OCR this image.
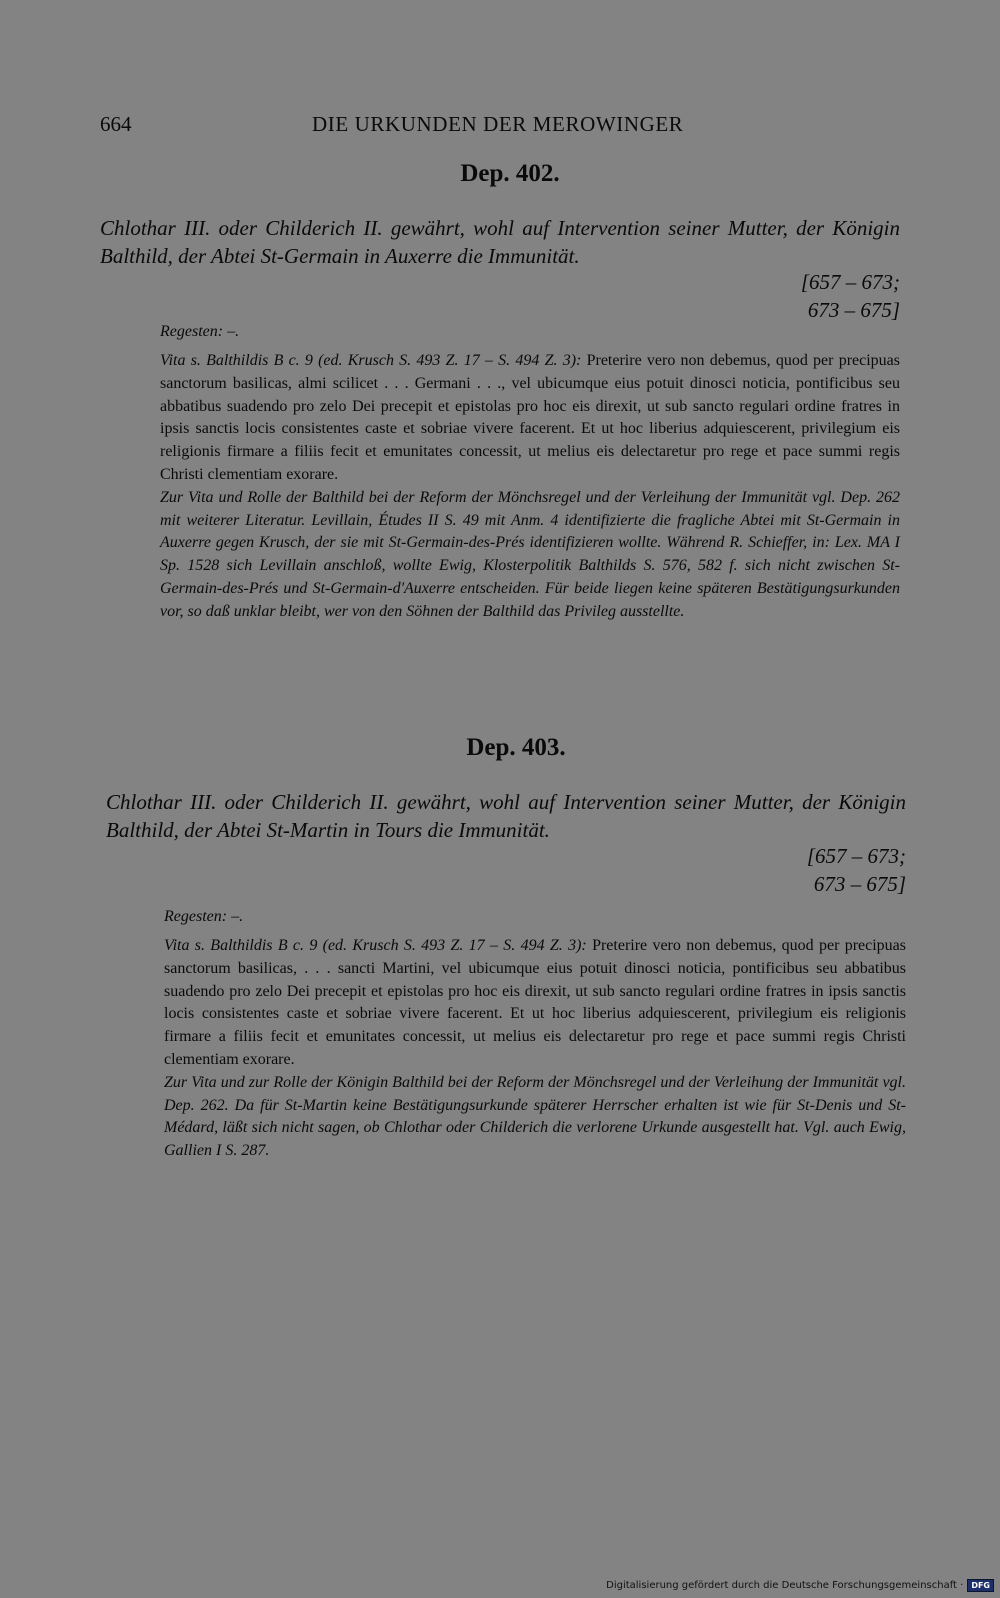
664	DIE URKUNDEN DER MEROWINGER
Dep. 402.
Chlothar III. oder Childerich II. gewährt, wohl auf Intervention seiner Mutter, der Königin Balthild, der Abtei St-Germain in Auxerre die Immunität.
[657 – 673;
673 – 675]
Regesten: –.
Vita s. Balthildis B c. 9 (ed. Krusch S. 493 Z. 17 – S. 494 Z. 3): Preterire vero non debemus, quod per precipuas sanctorum basilicas, almi scilicet . . . Germani . . ., vel ubicumque eius potuit dinosci noticia, pontificibus seu abbatibus suadendo pro zelo Dei precepit et epistolas pro hoc eis direxit, ut sub sancto regulari ordine fratres in ipsis sanctis locis consistentes caste et sobriae vivere facerent. Et ut hoc liberius adquiescerent, privilegium eis religionis firmare a filiis fecit et emunitates concessit, ut melius eis delectaretur pro rege et pace summi regis Christi clementiam exorare.
Zur Vita und Rolle der Balthild bei der Reform der Mönchsregel und der Verleihung der Immunität vgl. Dep. 262 mit weiterer Literatur. Levillain, Études II S. 49 mit Anm. 4 identifizierte die fragliche Abtei mit St-Germain in Auxerre gegen Krusch, der sie mit St-Germain-des-Prés identifizieren wollte. Während R. Schieffer, in: Lex. MA I Sp. 1528 sich Levillain anschloß, wollte Ewig, Klosterpolitik Balthilds S. 576, 582 f. sich nicht zwischen St-Germain-des-Prés und St-Germain-d'Auxerre entscheiden. Für beide liegen keine späteren Bestätigungsurkunden vor, so daß unklar bleibt, wer von den Söhnen der Balthild das Privileg ausstellte.
Dep. 403.
Chlothar III. oder Childerich II. gewährt, wohl auf Intervention seiner Mutter, der Königin Balthild, der Abtei St-Martin in Tours die Immunität.
[657 – 673;
673 – 675]
Regesten: –.
Vita s. Balthildis B c. 9 (ed. Krusch S. 493 Z. 17 – S. 494 Z. 3): Preterire vero non debemus, quod per precipuas sanctorum basilicas, . . . sancti Martini, vel ubicumque eius potuit dinosci noticia, pontificibus seu abbatibus suadendo pro zelo Dei precepit et epistolas pro hoc eis direxit, ut sub sancto regulari ordine fratres in ipsis sanctis locis consistentes caste et sobriae vivere facerent. Et ut hoc liberius adquiescerent, privilegium eis religionis firmare a filiis fecit et emunitates concessit, ut melius eis delectaretur pro rege et pace summi regis Christi clementiam exorare.
Zur Vita und zur Rolle der Königin Balthild bei der Reform der Mönchsregel und der Verleihung der Immunität vgl. Dep. 262. Da für St-Martin keine Bestätigungsurkunde späterer Herrscher erhalten ist wie für St-Denis und St-Médard, läßt sich nicht sagen, ob Chlothar oder Childerich die verlorene Urkunde ausgestellt hat. Vgl. auch Ewig, Gallien I S. 287.
Digitalisierung gefördert durch die Deutsche Forschungsgemeinschaft ·	DFG
